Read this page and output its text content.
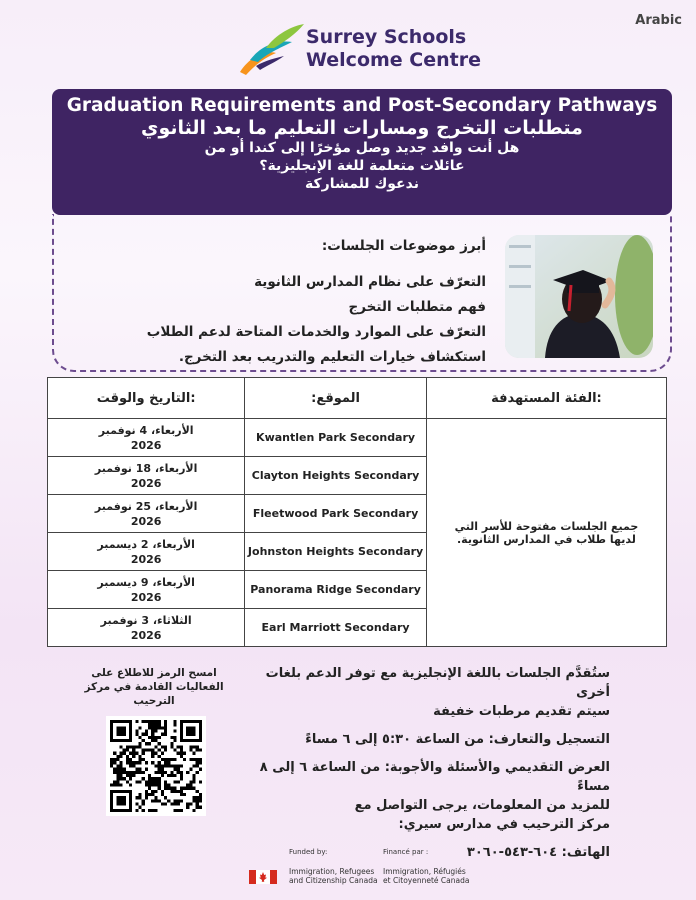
Arabic
Surrey Schools
Welcome Centre
Graduation Requirements and Post-Secondary Pathways
متطلبات التخرج ومسارات التعليم ما بعد الثانوي
هل أنت وافد جديد وصل مؤخرًا إلى كندا أو من
عائلات متعلمة للغة الإنجليزية؟
ندعوك للمشاركة
أبرز موضوعات الجلسات:
التعرّف على نظام المدارس الثانوية
فهم متطلبات التخرج
التعرّف على الموارد والخدمات المتاحة لدعم الطلاب
استكشاف خيارات التعليم والتدريب بعد التخرج.
:التاريخ والوقت	الموقع:	:الفئة المستهدفة

الأربعاء، 4 نوفمبر
2026	Kwantlen Park Secondary	جميع الجلسات مفتوحة للأسر التي لديها طلاب في المدارس الثانوية.

الأربعاء، 18 نوفمبر
2026	Clayton Heights Secondary	

الأربعاء، 25 نوفمبر
2026	Fleetwood Park Secondary	

الأربعاء، 2 ديسمبر
2026	Johnston Heights Secondary	

الأربعاء، 9 ديسمبر
2026	Panorama Ridge Secondary	

الثلاثاء، 3 نوفمبر
2026	Earl Marriott Secondary	
امسح الرمز للاطلاع على الفعاليات القادمة في مركز الترحيب
ستُقدَّم الجلسات باللغة الإنجليزية مع توفر الدعم بلغات أخرى
سيتم تقديم مرطبات خفيفة
التسجيل والتعارف: من الساعة ٥:٣٠ إلى ٦ مساءً
العرض التقديمي والأسئلة والأجوبة: من الساعة ٦ إلى ٨ مساءً
للمزيد من المعلومات، يرجى التواصل مع مركز الترحيب في مدارس سيري:
الهاتف: ٦٠٤-٥٤٣-٣٠٦٠
Funded by:	Financé par :
Immigration, Refugees
and Citizenship Canada
Immigration, Réfugiés
et Citoyenneté Canada
